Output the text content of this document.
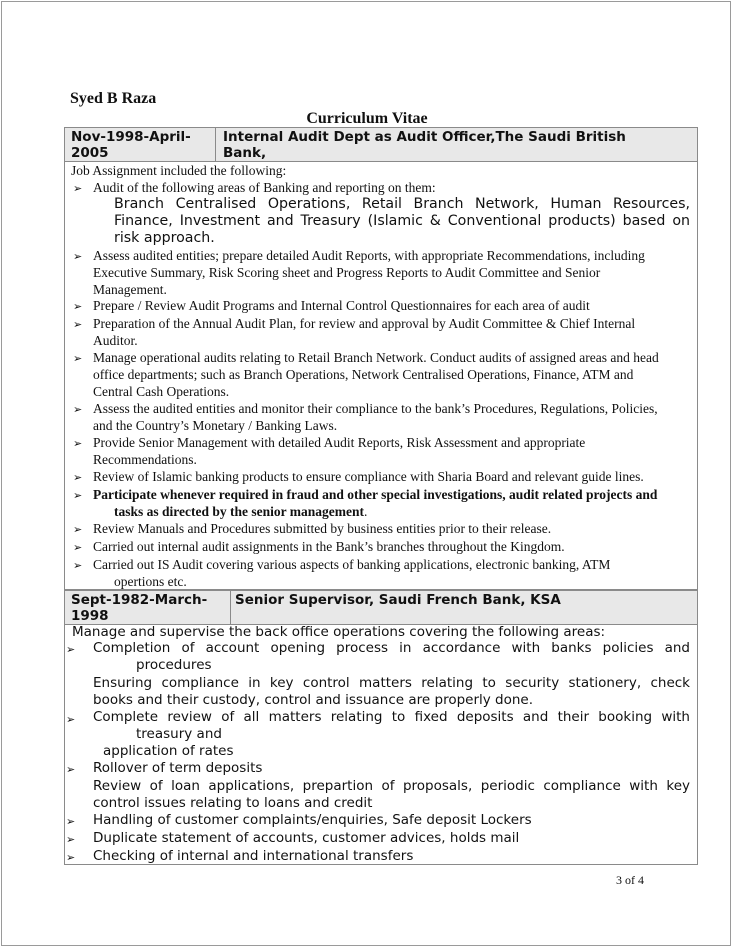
Syed B Raza
Curriculum Vitae
Nov-1998-April-
2005
Internal Audit Dept as Audit Officer,The Saudi British
Bank,
Job Assignment included the following:
➢ Audit of the following areas of Banking and reporting on them:
Branch Centralised Operations, Retail Branch Network, Human Resources,
Finance, Investment and Treasury (Islamic & Conventional products) based on
risk approach.
➢ Assess audited entities; prepare detailed Audit Reports, with appropriate Recommendations, including
Executive Summary, Risk Scoring sheet and Progress Reports to Audit Committee and Senior
Management.
➢ Prepare / Review Audit Programs and Internal Control Questionnaires for each area of audit
➢ Preparation of the Annual Audit Plan, for review and approval by Audit Committee & Chief Internal
Auditor.
➢ Manage operational audits relating to Retail Branch Network. Conduct audits of assigned areas and head
office departments; such as Branch Operations, Network Centralised Operations, Finance, ATM and
Central Cash Operations.
➢ Assess the audited entities and monitor their compliance to the bank’s Procedures, Regulations, Policies,
and the Country’s Monetary / Banking Laws.
➢ Provide Senior Management with detailed Audit Reports, Risk Assessment and appropriate
Recommendations.
➢ Review of Islamic banking products to ensure compliance with Sharia Board and relevant guide lines.
➢ Participate whenever required in fraud and other special investigations, audit related projects and
tasks as directed by the senior management.
➢ Review Manuals and Procedures submitted by business entities prior to their release.
➢ Carried out internal audit assignments in the Bank’s branches throughout the Kingdom.
➢ Carried out IS Audit covering various aspects of banking applications, electronic banking, ATM
opertions etc.
Sept-1982-March-
1998
Senior Supervisor, Saudi French Bank, KSA
Manage and supervise the back office operations covering the following areas:
➢ Completion of account opening process in accordance with banks policies and
procedures
Ensuring compliance in key control matters relating to security stationery, check
books and their custody, control and issuance are properly done.
➢ Complete review of all matters relating to fixed deposits and their booking with
treasury and
application of rates
➢ Rollover of term deposits
Review of loan applications, prepartion of proposals, periodic compliance with key
control issues relating to loans and credit
➢ Handling of customer complaints/enquiries, Safe deposit Lockers
➢ Duplicate statement of accounts, customer advices, holds mail
➢ Checking of internal and international transfers
3 of 4
